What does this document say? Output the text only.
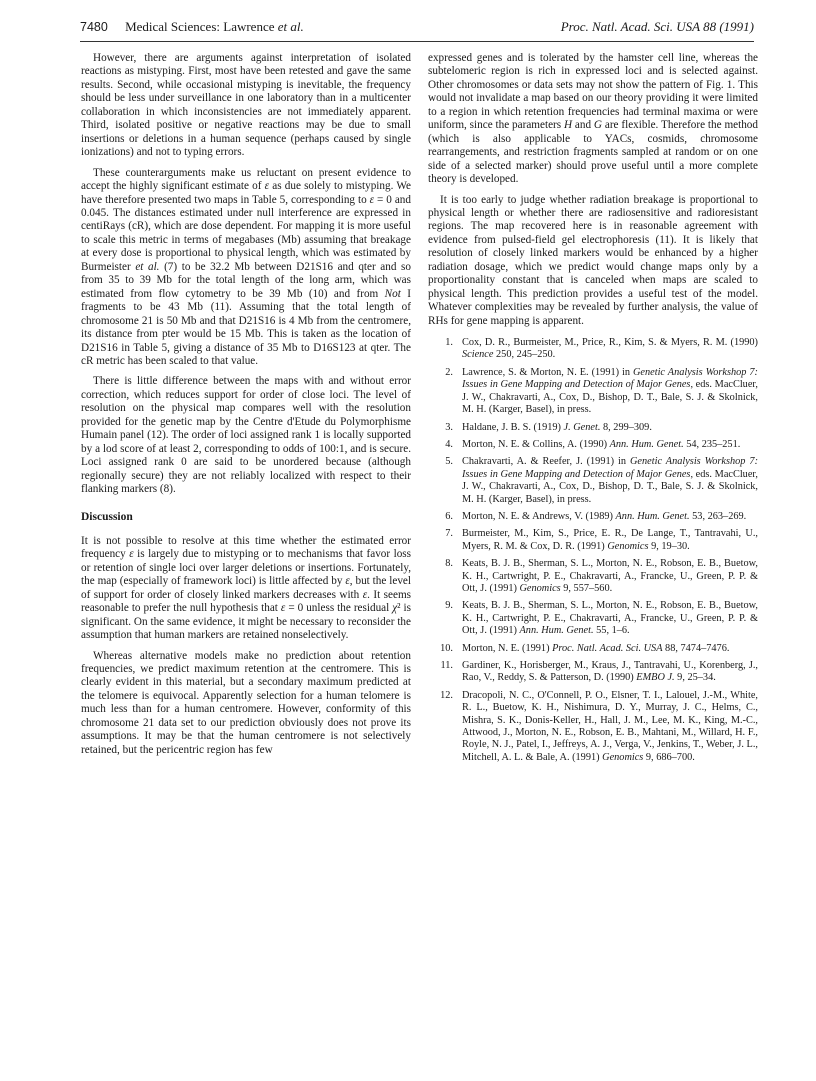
7480 Medical Sciences: Lawrence et al.	Proc. Natl. Acad. Sci. USA 88 (1991)

However, there are arguments against interpretation of isolated reactions as mistyping. First, most have been retested and gave the same results. Second, while occasional mistyping is inevitable, the frequency should be less under surveillance in one laboratory than in a multicenter collaboration in which inconsistencies are not immediately apparent. Third, isolated positive or negative reactions may be due to small insertions or deletions in a human sequence (perhaps caused by single ionizations) and not to typing errors.

These counterarguments make us reluctant on present evidence to accept the highly significant estimate of ε as due solely to mistyping. We have therefore presented two maps in Table 5, corresponding to ε = 0 and 0.045. The distances estimated under null interference are expressed in centiRays (cR), which are dose dependent. For mapping it is more useful to scale this metric in terms of megabases (Mb) assuming that breakage at every dose is proportional to physical length, which was estimated by Burmeister et al. (7) to be 32.2 Mb between D21S16 and qter and so from 35 to 39 Mb for the total length of the long arm, which was estimated from flow cytometry to be 39 Mb (10) and from Not I fragments to be 43 Mb (11). Assuming that the total length of chromosome 21 is 50 Mb and that D21S16 is 4 Mb from the centromere, its distance from pter would be 15 Mb. This is taken as the location of D21S16 in Table 5, giving a distance of 35 Mb to D16S123 at qter. The cR metric has been scaled to that value.

There is little difference between the maps with and without error correction, which reduces support for order of close loci. The level of resolution on the physical map compares well with the resolution provided for the genetic map by the Centre d'Etude du Polymorphisme Humain panel (12). The order of loci assigned rank 1 is locally supported by a lod score of at least 2, corresponding to odds of 100:1, and is secure. Loci assigned rank 0 are said to be unordered because (although regionally secure) they are not reliably localized with respect to their flanking markers (8).

Discussion

It is not possible to resolve at this time whether the estimated error frequency ε is largely due to mistyping or to mechanisms that favor loss or retention of single loci over larger deletions or insertions. Fortunately, the map (especially of framework loci) is little affected by ε, but the level of support for order of closely linked markers decreases with ε. It seems reasonable to prefer the null hypothesis that ε = 0 unless the residual χ² is significant. On the same evidence, it might be necessary to reconsider the assumption that human markers are retained nonselectively.

Whereas alternative models make no prediction about retention frequencies, we predict maximum retention at the centromere. This is clearly evident in this material, but a secondary maximum predicted at the telomere is equivocal. Apparently selection for a human telomere is much less than for a human centromere. However, conformity of this chromosome 21 data set to our prediction obviously does not prove its assumptions. It may be that the human centromere is not selectively retained, but the pericentric region has few

expressed genes and is tolerated by the hamster cell line, whereas the subtelomeric region is rich in expressed loci and is selected against. Other chromosomes or data sets may not show the pattern of Fig. 1. This would not invalidate a map based on our theory providing it were limited to a region in which retention frequencies had terminal maxima or were uniform, since the parameters H and G are flexible. Therefore the method (which is also applicable to YACs, cosmids, chromosome rearrangements, and restriction fragments sampled at random or on one side of a selected marker) should prove useful until a more complete theory is developed.

It is too early to judge whether radiation breakage is proportional to physical length or whether there are radiosensitive and radioresistant regions. The map recovered here is in reasonable agreement with evidence from pulsed-field gel electrophoresis (11). It is likely that resolution of closely linked markers would be enhanced by a higher radiation dosage, which we predict would change maps only by a proportionality constant that is canceled when maps are scaled to physical length. This prediction provides a useful test of the model. Whatever complexities may be revealed by further analysis, the value of RHs for gene mapping is apparent.

1. Cox, D. R., Burmeister, M., Price, R., Kim, S. & Myers, R. M. (1990) Science 250, 245–250.
2. Lawrence, S. & Morton, N. E. (1991) in Genetic Analysis Workshop 7: Issues in Gene Mapping and Detection of Major Genes, eds. MacCluer, J. W., Chakravarti, A., Cox, D., Bishop, D. T., Bale, S. J. & Skolnick, M. H. (Karger, Basel), in press.
3. Haldane, J. B. S. (1919) J. Genet. 8, 299–309.
4. Morton, N. E. & Collins, A. (1990) Ann. Hum. Genet. 54, 235–251.
5. Chakravarti, A. & Reefer, J. (1991) in Genetic Analysis Workshop 7: Issues in Gene Mapping and Detection of Major Genes, eds. MacCluer, J. W., Chakravarti, A., Cox, D., Bishop, D. T., Bale, S. J. & Skolnick, M. H. (Karger, Basel), in press.
6. Morton, N. E. & Andrews, V. (1989) Ann. Hum. Genet. 53, 263–269.
7. Burmeister, M., Kim, S., Price, E. R., De Lange, T., Tantravahi, U., Myers, R. M. & Cox, D. R. (1991) Genomics 9, 19–30.
8. Keats, B. J. B., Sherman, S. L., Morton, N. E., Robson, E. B., Buetow, K. H., Cartwright, P. E., Chakravarti, A., Francke, U., Green, P. P. & Ott, J. (1991) Genomics 9, 557–560.
9. Keats, B. J. B., Sherman, S. L., Morton, N. E., Robson, E. B., Buetow, K. H., Cartwright, P. E., Chakravarti, A., Francke, U., Green, P. P. & Ott, J. (1991) Ann. Hum. Genet. 55, 1–6.
10. Morton, N. E. (1991) Proc. Natl. Acad. Sci. USA 88, 7474–7476.
11. Gardiner, K., Horisberger, M., Kraus, J., Tantravahi, U., Korenberg, J., Rao, V., Reddy, S. & Patterson, D. (1990) EMBO J. 9, 25–34.
12. Dracopoli, N. C., O'Connell, P. O., Elsner, T. I., Lalouel, J.-M., White, R. L., Buetow, K. H., Nishimura, D. Y., Murray, J. C., Helms, C., Mishra, S. K., Donis-Keller, H., Hall, J. M., Lee, M. K., King, M.-C., Attwood, J., Morton, N. E., Robson, E. B., Mahtani, M., Willard, H. F., Royle, N. J., Patel, I., Jeffreys, A. J., Verga, V., Jenkins, T., Weber, J. L., Mitchell, A. L. & Bale, A. (1991) Genomics 9, 686–700.
